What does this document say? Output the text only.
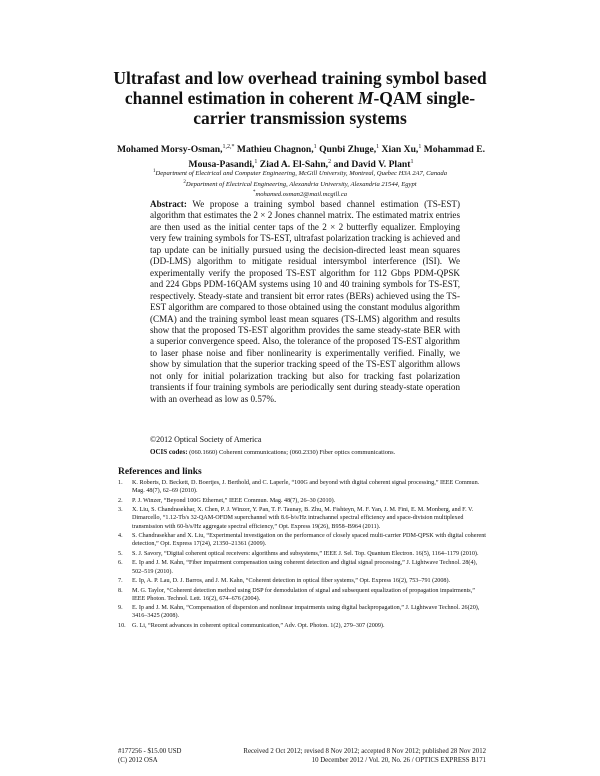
Ultrafast and low overhead training symbol based channel estimation in coherent M-QAM single-carrier transmission systems
Mohamed Morsy-Osman,$^{1,2,*}$ Mathieu Chagnon,$^1$ Qunbi Zhuge,$^1$ Xian Xu,$^1$ Mohammad E. Mousa-Pasandi,$^1$ Ziad A. El-Sahn,$^2$ and David V. Plant$^1$
$^1$Department of Electrical and Computer Engineering, McGill University, Montreal, Quebec H3A 2A7, Canada
$^2$Department of Electrical Engineering, Alexandria University, Alexandria 21544, Egypt
*mohamed.osman2@mail.mcgill.ca
Abstract: We propose a training symbol based channel estimation (TS-EST) algorithm that estimates the 2 × 2 Jones channel matrix. The estimated matrix entries are then used as the initial center taps of the 2 × 2 butterfly equalizer. Employing very few training symbols for TS-EST, ultrafast polarization tracking is achieved and tap update can be initially pursued using the decision-directed least mean squares (DD-LMS) algorithm to mitigate residual intersymbol interference (ISI). We experimentally verify the proposed TS-EST algorithm for 112 Gbps PDM-QPSK and 224 Gbps PDM-16QAM systems using 10 and 40 training symbols for TS-EST, respectively. Steady-state and transient bit error rates (BERs) achieved using the TS-EST algorithm are compared to those obtained using the constant modulus algorithm (CMA) and the training symbol least mean squares (TS-LMS) algorithm and results show that the proposed TS-EST algorithm provides the same steady-state BER with a superior convergence speed. Also, the tolerance of the proposed TS-EST algorithm to laser phase noise and fiber nonlinearity is experimentally verified. Finally, we show by simulation that the superior tracking speed of the TS-EST algorithm allows not only for initial polarization tracking but also for tracking fast polarization transients if four training symbols are periodically sent during steady-state operation with an overhead as low as 0.57%.
©2012 Optical Society of America
OCIS codes: (060.1660) Coherent communications; (060.2330) Fiber optics communications.
References and links
1.	K. Roberts, D. Beckett, D. Boertjes, J. Berthold, and C. Laperle, “100G and beyond with digital coherent signal processing,” IEEE Commun. Mag. 48(7), 62–69 (2010).
2.	P. J. Winzer, “Beyond 100G Ethernet,” IEEE Commun. Mag. 48(7), 26–30 (2010).
3.	X. Liu, S. Chandrasekhar, X. Chen, P. J. Winzer, Y. Pan, T. F. Taunay, B. Zhu, M. Fishteyn, M. F. Yan, J. M. Fini, E. M. Monberg, and F. V. Dimarcello, “1.12-Tb/s 32-QAM-OFDM superchannel with 8.6-b/s/Hz intrachannel spectral efficiency and space-division multiplexed transmission with 60-b/s/Hz aggregate spectral efficiency,” Opt. Express 19(26), B958–B964 (2011).
4.	S. Chandrasekhar and X. Liu, “Experimental investigation on the performance of closely spaced multi-carrier PDM-QPSK with digital coherent detection,” Opt. Express 17(24), 21350–21361 (2009).
5.	S. J. Savory, “Digital coherent optical receivers: algorithms and subsystems,” IEEE J. Sel. Top. Quantum Electron. 16(5), 1164–1179 (2010).
6.	E. Ip and J. M. Kahn, “Fiber impairment compensation using coherent detection and digital signal processing,” J. Lightwave Technol. 28(4), 502–519 (2010).
7.	E. Ip, A. P. Lau, D. J. Barros, and J. M. Kahn, “Coherent detection in optical fiber systems,” Opt. Express 16(2), 753–791 (2008).
8.	M. G. Taylor, “Coherent detection method using DSP for demodulation of signal and subsequent equalization of propagation impairments,” IEEE Photon. Technol. Lett. 16(2), 674–676 (2004).
9.	E. Ip and J. M. Kahn, “Compensation of dispersion and nonlinear impairments using digital backpropagation,” J. Lightwave Technol. 26(20), 3416–3425 (2008).
10.	G. Li, “Recent advances in coherent optical communication,” Adv. Opt. Photon. 1(2), 279–307 (2009).
#177256 - $15.00 USD
(C) 2012 OSA
Received 2 Oct 2012; revised 8 Nov 2012; accepted 8 Nov 2012; published 28 Nov 2012
10 December 2012 / Vol. 20, No. 26 / OPTICS EXPRESS B171
